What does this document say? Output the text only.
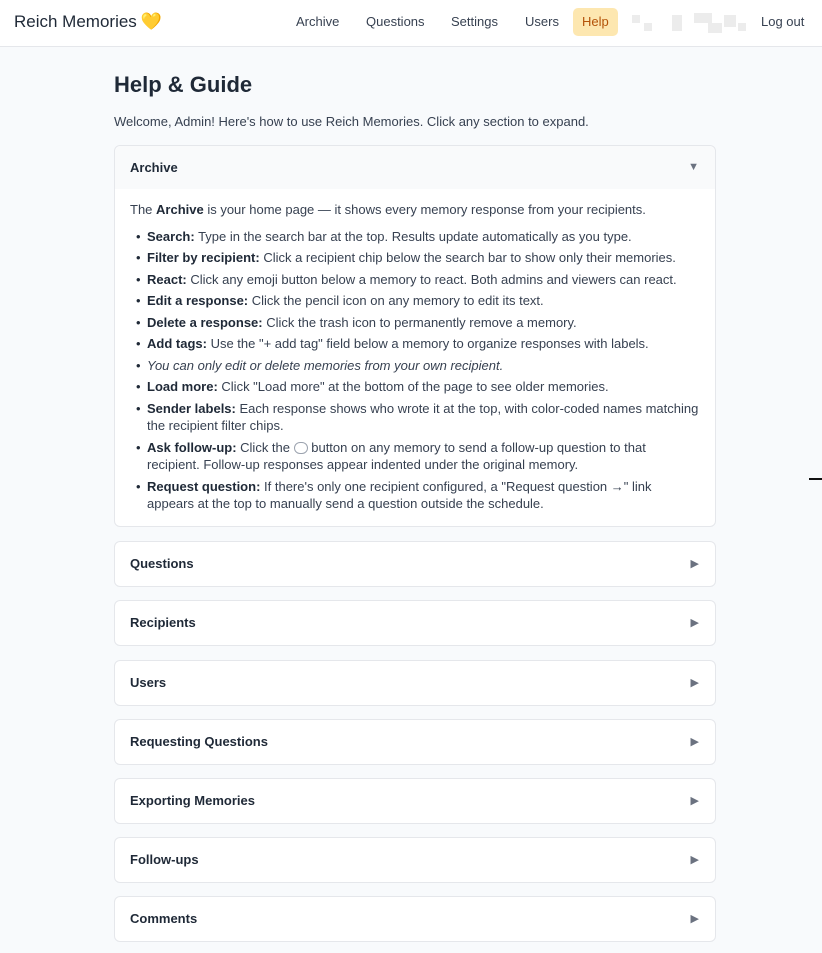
Reich Memories 💛	Archive	Questions	Settings	Users	Help	Log out
Help & Guide

Welcome, Admin! Here's how to use Reich Memories. Click any section to expand.

Archive	▼

The Archive is your home page — it shows every memory response from your recipients.

• Search: Type in the search bar at the top. Results update automatically as you type.
• Filter by recipient: Click a recipient chip below the search bar to show only their memories.
• React: Click any emoji button below a memory to react. Both admins and viewers can react.
• Edit a response: Click the pencil icon on any memory to edit its text.
• Delete a response: Click the trash icon to permanently remove a memory.
• Add tags: Use the "+ add tag" field below a memory to organize responses with labels.
• You can only edit or delete memories from your own recipient.
• Load more: Click "Load more" at the bottom of the page to see older memories.
• Sender labels: Each response shows who wrote it at the top, with color-coded names matching the recipient filter chips.
• Ask follow-up: Click the  button on any memory to send a follow-up question to that recipient. Follow-up responses appear indented under the original memory.
• Request question: If there's only one recipient configured, a "Request question →" link appears at the top to manually send a question outside the schedule.
Questions	▶
Recipients	▶
Users	▶
Requesting Questions	▶
Exporting Memories	▶
Follow-ups	▶
Comments	▶
